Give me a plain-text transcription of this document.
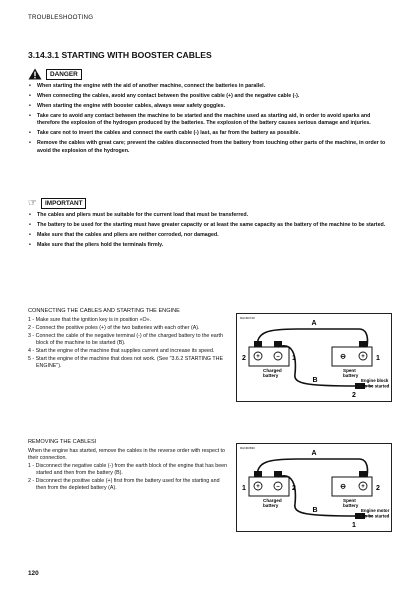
TROUBLESHOOTING
3.14.3.1 STARTING WITH BOOSTER CABLES
DANGER
• When starting the engine with the aid of another machine, connect the batteries in parallel.
• When connecting the cables, avoid any contact between the positive cable (+) and the negative cable (-).
• When starting the engine with booster cables, always wear safety goggles.
• Take care to avoid any contact between the machine to be started and the machine used as starting aid, in order to avoid sparks and therefore the explosion of the hydrogen produced by the batteries. The explosion of the battery causes serious damage and injuries.
• Take care not to invert the cables and connect the earth cable (-) last, as far from the battery as possible.
• Remove the cables with great care; prevent the cables disconnected from the battery from touching other parts of the machine, in order to avoid the explosion of the hydrogen.
☞	IMPORTANT
• The cables and pliers must be suitable for the current load that must be transferred.
• The battery to be used for the starting must have greater capacity or at least the same capacity as the battery of the machine to be started.
• Make sure that the cables and pliers are neither corroded, nor damaged.
• Make sure that the pliers hold the terminals firmly.
CONNECTING THE CABLES AND STARTING THE ENGINE
1 - Make sure that the ignition key is in position «O».
2 - Connect the positive poles (+) of the two batteries with each other (A).
3 - Connect the cable of the negative terminal (-) of the charged battery to the earth block of the machine to be started (B).
4 - Start the engine of the machine that supplies current and increase its speed.
5 - Start the engine of the machine that does not work. (See "3.6.2 STARTING THE ENGINE").
RHN00740
+	–	⊖	+
A
B
2	1	1
2
Charged
battery
Spent
battery
Engine block
to be started
REMOVING THE CABLESI
When the engine has started, remove the cables in the reverse order with respect to their connection.
1 - Disconnect the negative cable (-) from the earth block of the engine that has been started and then from the battery (B).
2 - Disconnect the positive cable (+) first from the battery used for the starting and then from the depleted battery (A).
RHN00830
+	–	⊖	+
A
B
1	2	2
1
Charged
battery
Spent
battery
Engine motor
to be started
120
